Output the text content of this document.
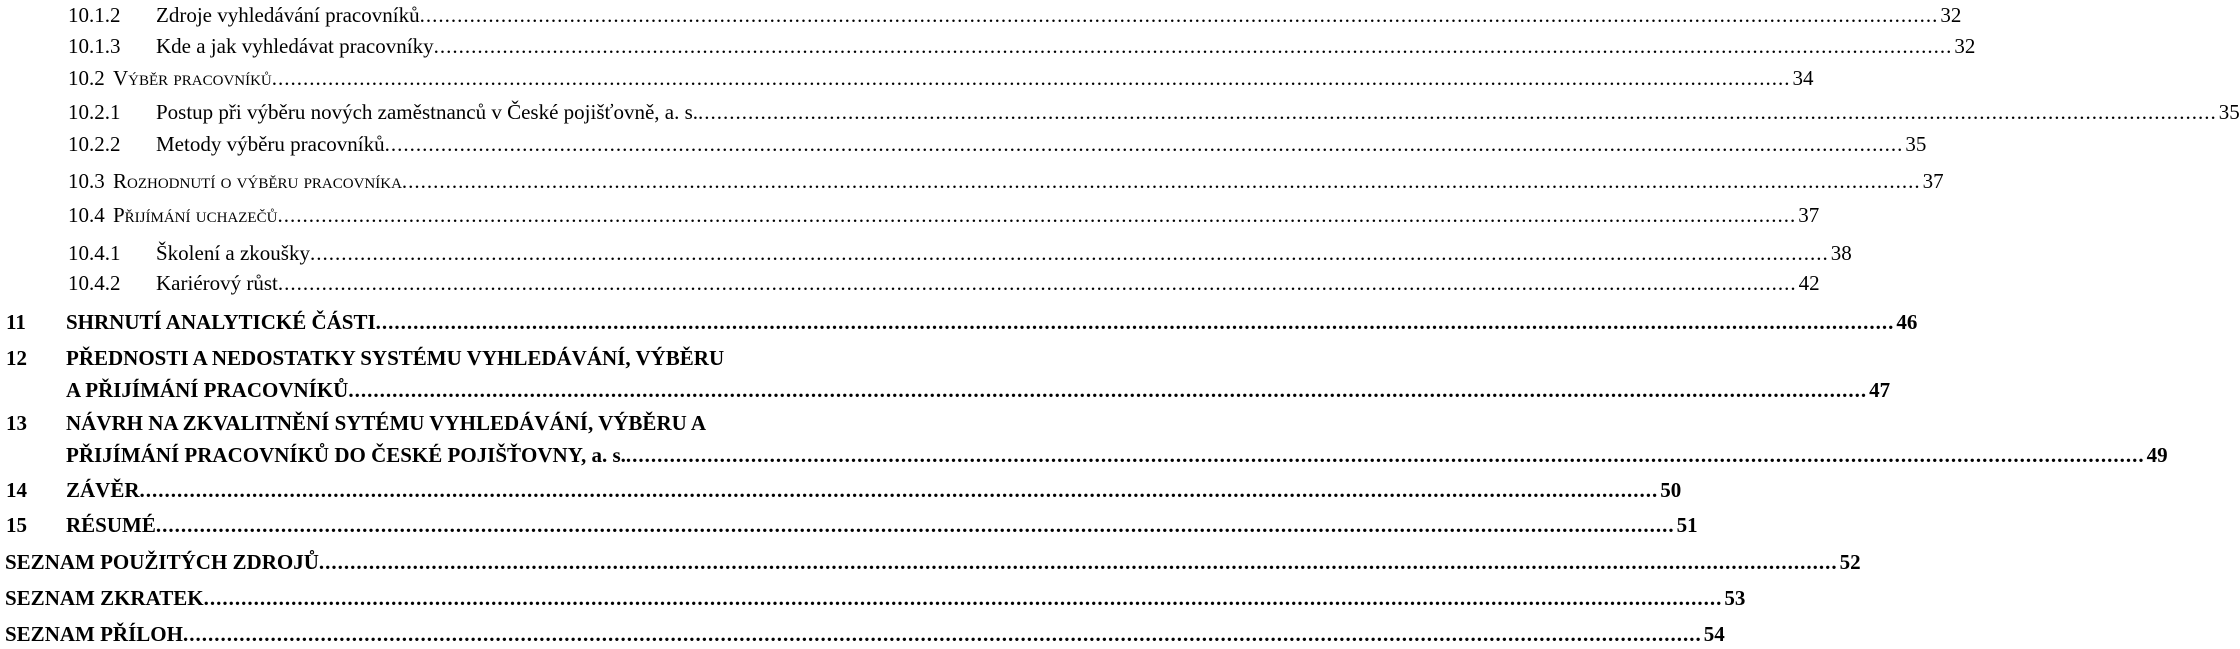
10.1.2	Zdroje vyhledávání pracovníků .....	32
10.1.3	Kde a jak vyhledávat pracovníky .....	32
10.2 Výběr pracovníků .....	34
10.2.1	Postup při výběru nových zaměstnanců v České pojišťovně, a. s. .....	35
10.2.2	Metody výběru pracovníků .....	35
10.3 Rozhodnutí o výběru pracovníka .....	37
10.4 Přijímání uchazečů .....	37
10.4.1	Školení a zkoušky .....	38
10.4.2	Kariérový růst .....	42
11	SHRNUTÍ ANALYTICKÉ ČÁSTI .....	46
12	PŘEDNOSTI A NEDOSTATKY SYSTÉMU VYHLEDÁVÁNÍ, VÝBĚRU
A PŘIJÍMÁNÍ PRACOVNÍKŮ .....	47
13	NÁVRH NA ZKVALITNĚNÍ SYTÉMU VYHLEDÁVÁNÍ, VÝBĚRU A
PŘIJÍMÁNÍ PRACOVNÍKŮ DO ČESKÉ POJIŠŤOVNY, a. s. .....	49
14	ZÁVĚR .....	50
15	RÉSUMÉ .....	51
SEZNAM POUŽITÝCH ZDROJŮ .....	52
SEZNAM ZKRATEK .....	53
SEZNAM PŘÍLOH .....	54
